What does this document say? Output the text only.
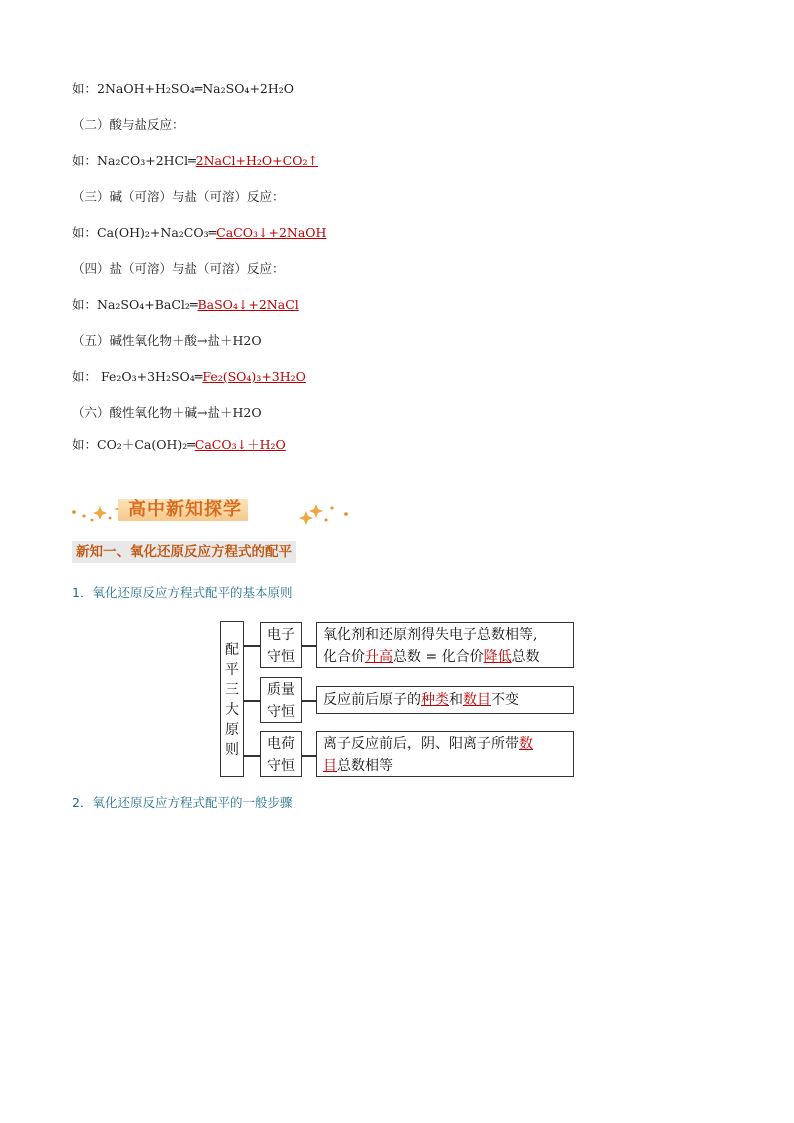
如：2NaOH+H₂SO₄═Na₂SO₄+2H₂O
（二）酸与盐反应：
如：Na₂CO₃+2HCl═2NaCl+H₂O+CO₂↑
（三）碱（可溶）与盐（可溶）反应：
如：Ca(OH)₂+Na₂CO₃═CaCO₃↓+2NaOH
（四）盐（可溶）与盐（可溶）反应：
如：Na₂SO₄+BaCl₂═BaSO₄↓+2NaCl
（五）碱性氧化物＋酸→盐＋H2O
如： Fe₂O₃+3H₂SO₄═Fe₂(SO₄)₃+3H₂O
（六）酸性氧化物＋碱→盐＋H2O
如：CO₂＋Ca(OH)₂═CaCO₃↓＋H₂O
高中新知探学
新知一、氧化还原反应方程式的配平
1．氧化还原反应方程式配平的基本原则
配平三大原则
电子守恒
质量守恒
电荷守恒
氧化剂和还原剂得失电子总数相等,
化合价升高总数 = 化合价降低总数
反应前后原子的种类和数目不变
离子反应前后，阴、阳离子所带数
目总数相等
2．氧化还原反应方程式配平的一般步骤
